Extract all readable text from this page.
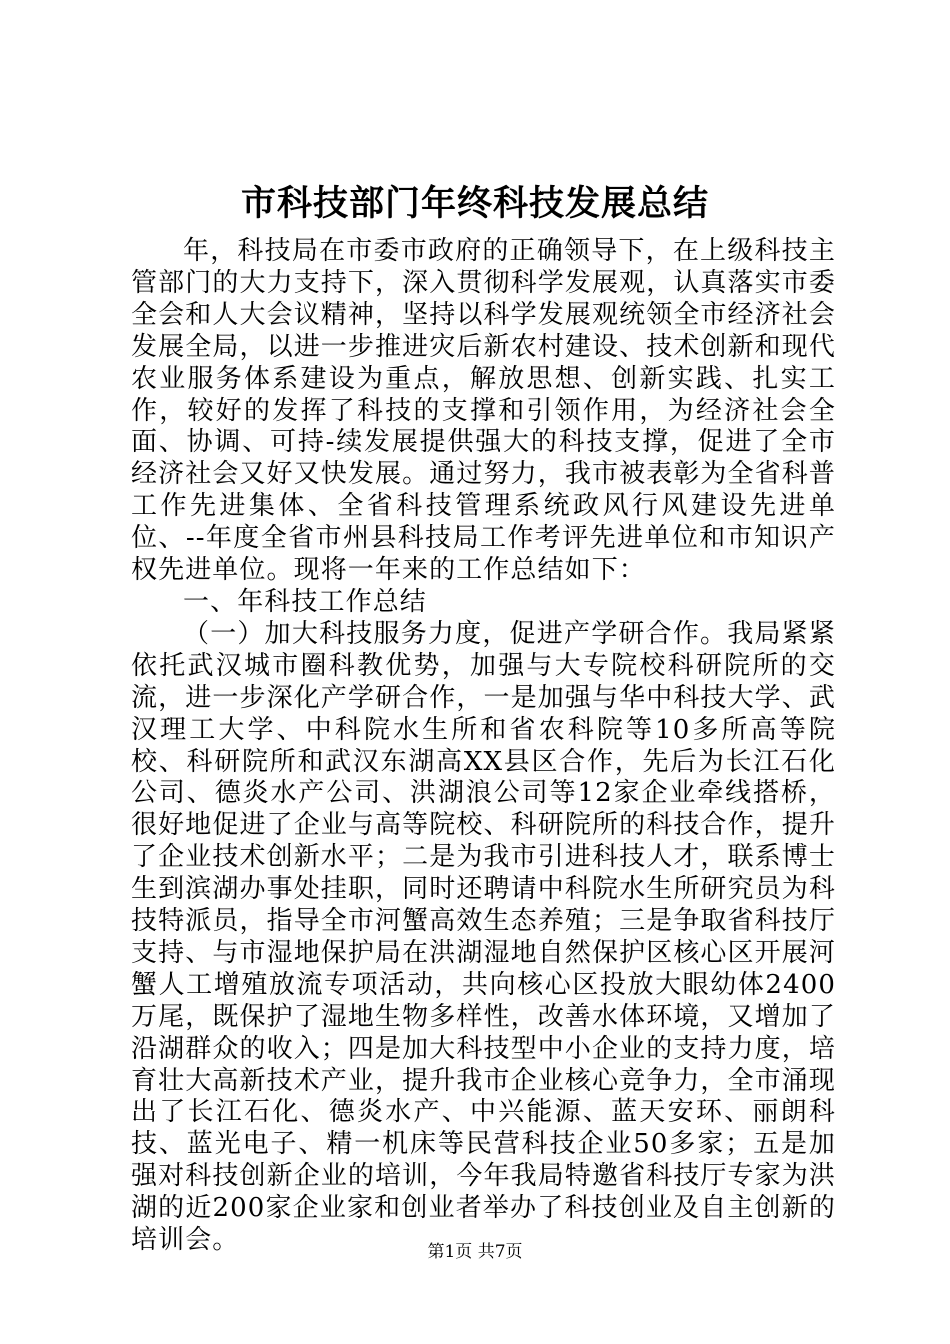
市科技部门年终科技发展总结

年，科技局在市委市政府的正确领导下，在上级科技主管部门的大力支持下，深入贯彻科学发展观，认真落实市委全会和人大会议精神，坚持以科学发展观统领全市经济社会发展全局，以进一步推进灾后新农村建设、技术创新和现代农业服务体系建设为重点，解放思想、创新实践、扎实工作，较好的发挥了科技的支撑和引领作用，为经济社会全面、协调、可持-续发展提供强大的科技支撑，促进了全市经济社会又好又快发展。通过努力，我市被表彰为全省科普工作先进集体、全省科技管理系统政风行风建设先进单位、--年度全省市州县科技局工作考评先进单位和市知识产权先进单位。现将一年来的工作总结如下：

一、年科技工作总结

（一）加大科技服务力度，促进产学研合作。我局紧紧依托武汉城市圈科教优势，加强与大专院校科研院所的交流，进一步深化产学研合作，一是加强与华中科技大学、武汉理工大学、中科院水生所和省农科院等10多所高等院校、科研院所和武汉东湖高XX县区合作，先后为长江石化公司、德炎水产公司、洪湖浪公司等12家企业牵线搭桥，很好地促进了企业与高等院校、科研院所的科技合作，提升了企业技术创新水平；二是为我市引进科技人才，联系博士生到滨湖办事处挂职，同时还聘请中科院水生所研究员为科技特派员，指导全市河蟹高效生态养殖；三是争取省科技厅支持、与市湿地保护局在洪湖湿地自然保护区核心区开展河蟹人工增殖放流专项活动，共向核心区投放大眼幼体2400万尾，既保护了湿地生物多样性，改善水体环境，又增加了沿湖群众的收入；四是加大科技型中小企业的支持力度，培育壮大高新技术产业，提升我市企业核心竞争力，全市涌现出了长江石化、德炎水产、中兴能源、蓝天安环、丽朗科技、蓝光电子、精一机床等民营科技企业50多家；五是加强对科技创新企业的培训，今年我局特邀省科技厅专家为洪湖的近200家企业家和创业者举办了科技创业及自主创新的培训会。	第1页 共7页
